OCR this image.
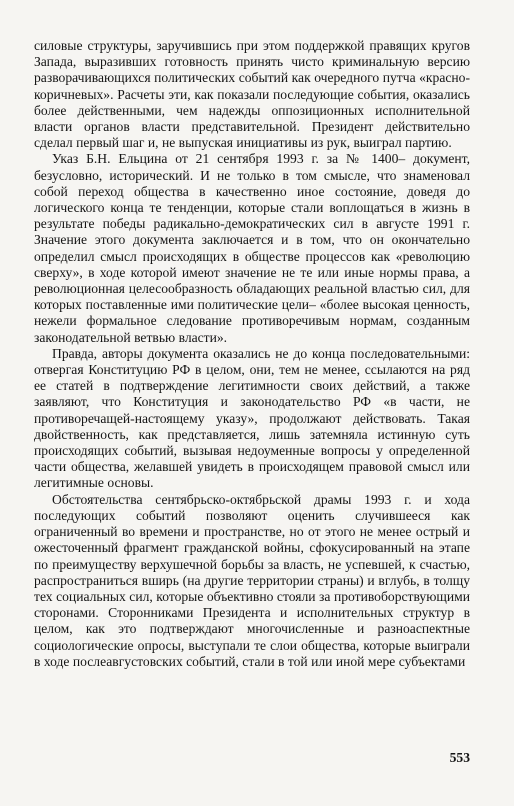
силовые структуры, заручившись при этом поддержкой правящих кругов Запада, выразивших готовность принять чисто криминальную версию разворачивающихся политических событий как очередного путча «красно-коричневых». Расчеты эти, как показали последующие события, оказались более действенными, чем надежды оппозиционных исполнительной власти органов власти представительной. Президент действительно сделал первый шаг и, не выпуская инициативы из рук, выиграл партию.

Указ Б.Н. Ельцина от 21 сентября 1993 г. за № 1400– документ, безусловно, исторический. И не только в том смысле, что знаменовал собой переход общества в качественно иное состояние, доведя до логического конца те тенденции, которые стали воплощаться в жизнь в результате победы радикально-демократических сил в августе 1991 г. Значение этого документа заключается и в том, что он окончательно определил смысл происходящих в обществе процессов как «революцию сверху», в ходе которой имеют значение не те или иные нормы права, а революционная целесообразность обладающих реальной властью сил, для которых поставленные ими политические цели– «более высокая ценность, нежели формальное следование противоречивым нормам, созданным законодательной ветвью власти».

Правда, авторы документа оказались не до конца последовательными: отвергая Конституцию РФ в целом, они, тем не менее, ссылаются на ряд ее статей в подтверждение легитимности своих действий, а также заявляют, что Конституция и законодательство РФ «в части, не противоречащей-настоящему указу», продолжают действовать. Такая двойственность, как представляется, лишь затемняла истинную суть происходящих событий, вызывая недоуменные вопросы у определенной части общества, желавшей увидеть в происходящем правовой смысл или легитимные основы.

Обстоятельства сентябрьско-октябрьской драмы 1993 г. и хода последующих событий позволяют оценить случившееся как ограниченный во времени и пространстве, но от этого не менее острый и ожесточенный фрагмент гражданской войны, сфокусированный на этапе по преимуществу верхушечной борьбы за власть, не успевшей, к счастью, распространиться вширь (на другие территории страны) и вглубь, в толщу тех социальных сил, которые объективно стояли за противоборствующими сторонами. Сторонниками Президента и исполнительных структур в целом, как это подтверждают многочисленные и разноаспектные социологические опросы, выступали те слои общества, которые выиграли в ходе послеавгустовских событий, стали в той или иной мере субъектами

553
